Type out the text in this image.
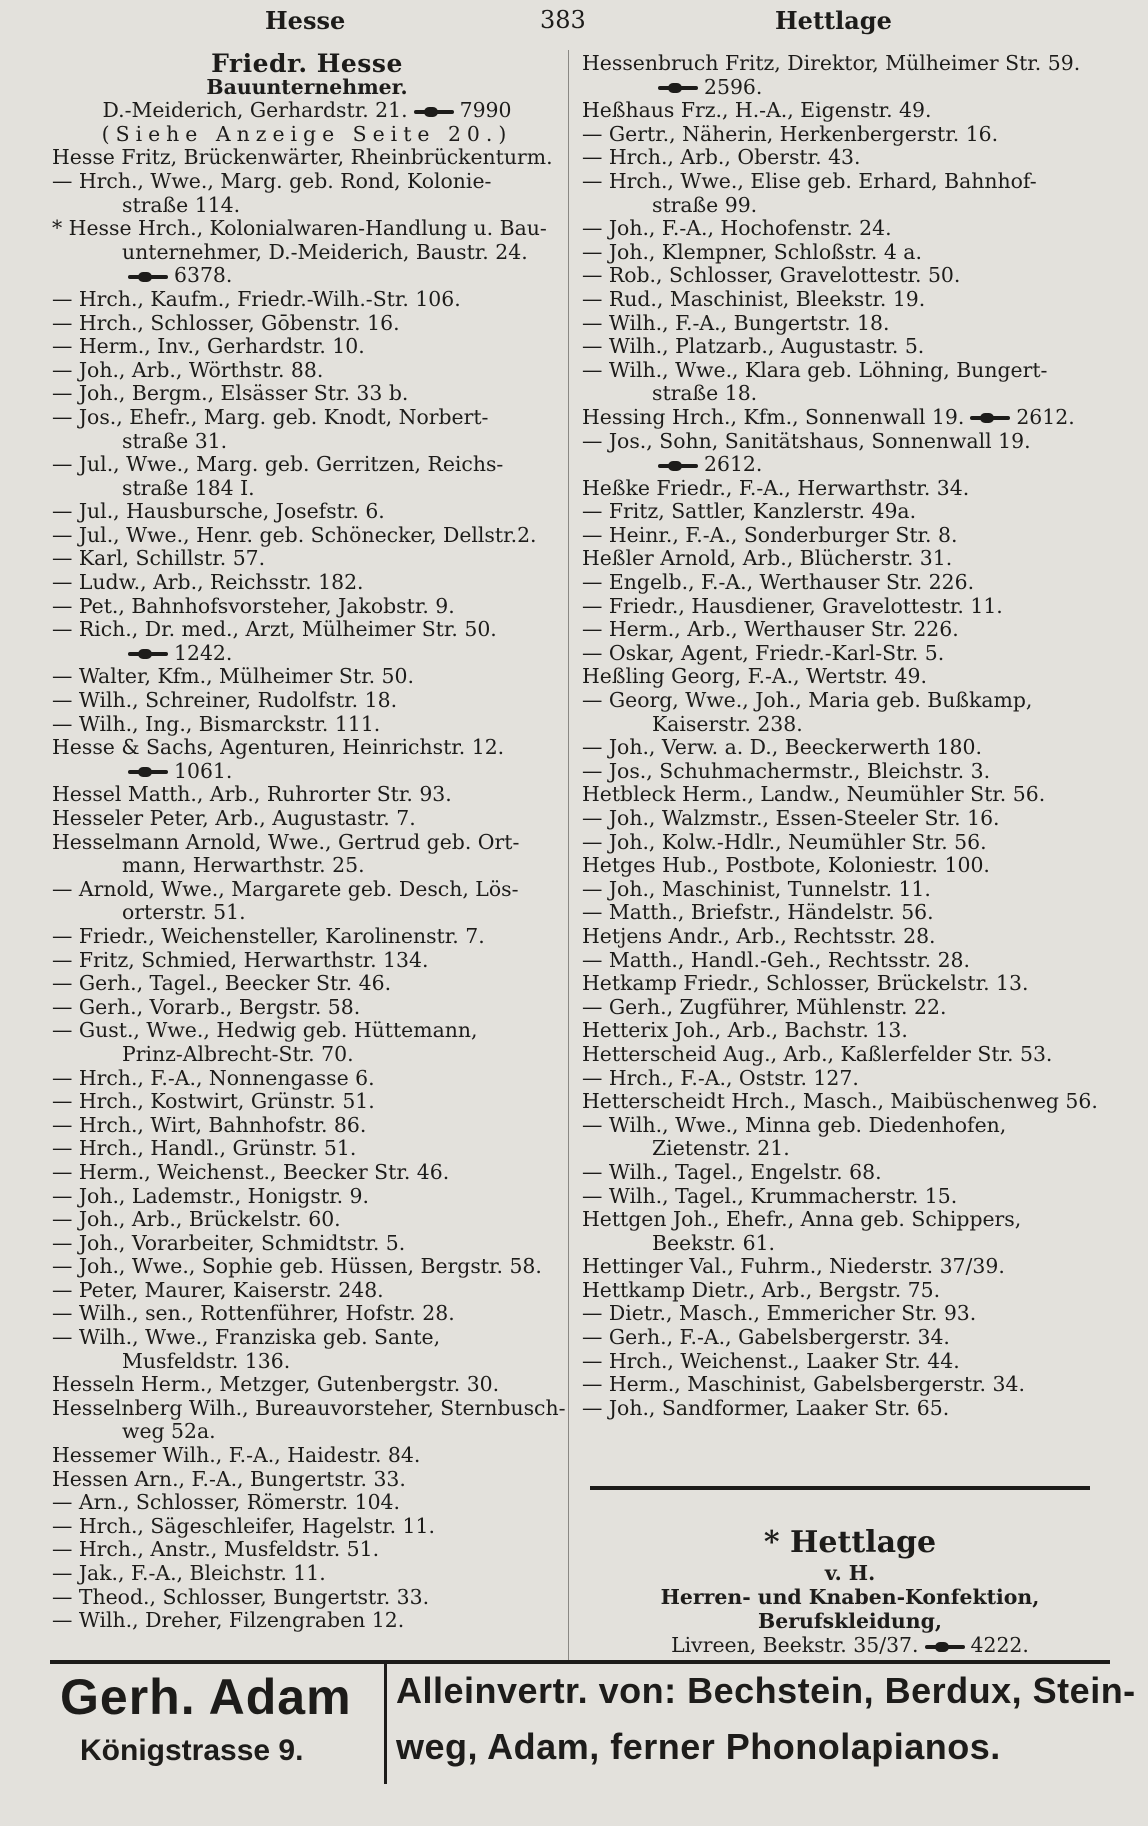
Hesse	383	Hettlage
Friedr. Hesse
Bauunternehmer.
D.-Meiderich, Gerhardstr. 21.	7990
(Siehe Anzeige Seite 20.)
Hesse Fritz, Brückenwärter, Rheinbrückenturm.
— Hrch., Wwe., Marg. geb. Rond, Kolonie-
straße 114.
* Hesse Hrch., Kolonialwaren-Handlung u. Bau-
unternehmer, D.-Meiderich, Baustr. 24.
6378.
— Hrch., Kaufm., Friedr.-Wilh.-Str. 106.
— Hrch., Schlosser, Gōbenstr. 16.
— Herm., Inv., Gerhardstr. 10.
— Joh., Arb., Wörthstr. 88.
— Joh., Bergm., Elsässer Str. 33 b.
— Jos., Ehefr., Marg. geb. Knodt, Norbert-
straße 31.
— Jul., Wwe., Marg. geb. Gerritzen, Reichs-
straße 184 I.
— Jul., Hausbursche, Josefstr. 6.
— Jul., Wwe., Henr. geb. Schönecker, Dellstr.2.
— Karl, Schillstr. 57.
— Ludw., Arb., Reichsstr. 182.
— Pet., Bahnhofsvorsteher, Jakobstr. 9.
— Rich., Dr. med., Arzt, Mülheimer Str. 50.
1242.
— Walter, Kfm., Mülheimer Str. 50.
— Wilh., Schreiner, Rudolfstr. 18.
— Wilh., Ing., Bismarckstr. 111.
Hesse & Sachs, Agenturen, Heinrichstr. 12.
1061.
Hessel Matth., Arb., Ruhrorter Str. 93.
Hesseler Peter, Arb., Augustastr. 7.
Hesselmann Arnold, Wwe., Gertrud geb. Ort-
mann, Herwarthstr. 25.
— Arnold, Wwe., Margarete geb. Desch, Lös-
orterstr. 51.
— Friedr., Weichensteller, Karolinenstr. 7.
— Fritz, Schmied, Herwarthstr. 134.
— Gerh., Tagel., Beecker Str. 46.
— Gerh., Vorarb., Bergstr. 58.
— Gust., Wwe., Hedwig geb. Hüttemann,
Prinz-Albrecht-Str. 70.
— Hrch., F.-A., Nonnengasse 6.
— Hrch., Kostwirt, Grünstr. 51.
— Hrch., Wirt, Bahnhofstr. 86.
— Hrch., Handl., Grünstr. 51.
— Herm., Weichenst., Beecker Str. 46.
— Joh., Lademstr., Honigstr. 9.
— Joh., Arb., Brückelstr. 60.
— Joh., Vorarbeiter, Schmidtstr. 5.
— Joh., Wwe., Sophie geb. Hüssen, Bergstr. 58.
— Peter, Maurer, Kaiserstr. 248.
— Wilh., sen., Rottenführer, Hofstr. 28.
— Wilh., Wwe., Franziska geb. Sante,
Musfeldstr. 136.
Hesseln Herm., Metzger, Gutenbergstr. 30.
Hesselnberg Wilh., Bureauvorsteher, Sternbusch-
weg 52a.
Hessemer Wilh., F.-A., Haidestr. 84.
Hessen Arn., F.-A., Bungertstr. 33.
— Arn., Schlosser, Römerstr. 104.
— Hrch., Sägeschleifer, Hagelstr. 11.
— Hrch., Anstr., Musfeldstr. 51.
— Jak., F.-A., Bleichstr. 11.
— Theod., Schlosser, Bungertstr. 33.
— Wilh., Dreher, Filzengraben 12.
Hessenbruch Fritz, Direktor, Mülheimer Str. 59.
2596.
Heßhaus Frz., H.-A., Eigenstr. 49.
— Gertr., Näherin, Herkenbergerstr. 16.
— Hrch., Arb., Oberstr. 43.
— Hrch., Wwe., Elise geb. Erhard, Bahnhof-
straße 99.
— Joh., F.-A., Hochofenstr. 24.
— Joh., Klempner, Schloßstr. 4 a.
— Rob., Schlosser, Gravelottestr. 50.
— Rud., Maschinist, Bleekstr. 19.
— Wilh., F.-A., Bungertstr. 18.
— Wilh., Platzarb., Augustastr. 5.
— Wilh., Wwe., Klara geb. Löhning, Bungert-
straße 18.
Hessing Hrch., Kfm., Sonnenwall 19.	2612.
— Jos., Sohn, Sanitätshaus, Sonnenwall 19.
2612.
Heßke Friedr., F.-A., Herwarthstr. 34.
— Fritz, Sattler, Kanzlerstr. 49a.
— Heinr., F.-A., Sonderburger Str. 8.
Heßler Arnold, Arb., Blücherstr. 31.
— Engelb., F.-A., Werthauser Str. 226.
— Friedr., Hausdiener, Gravelottestr. 11.
— Herm., Arb., Werthauser Str. 226.
— Oskar, Agent, Friedr.-Karl-Str. 5.
Heßling Georg, F.-A., Wertstr. 49.
— Georg, Wwe., Joh., Maria geb. Bußkamp,
Kaiserstr. 238.
— Joh., Verw. a. D., Beeckerwerth 180.
— Jos., Schuhmachermstr., Bleichstr. 3.
Hetbleck Herm., Landw., Neumühler Str. 56.
— Joh., Walzmstr., Essen-Steeler Str. 16.
— Joh., Kolw.-Hdlr., Neumühler Str. 56.
Hetges Hub., Postbote, Koloniestr. 100.
— Joh., Maschinist, Tunnelstr. 11.
— Matth., Briefstr., Händelstr. 56.
Hetjens Andr., Arb., Rechtsstr. 28.
— Matth., Handl.-Geh., Rechtsstr. 28.
Hetkamp Friedr., Schlosser, Brückelstr. 13.
— Gerh., Zugführer, Mühlenstr. 22.
Hetterix Joh., Arb., Bachstr. 13.
Hetterscheid Aug., Arb., Kaßlerfelder Str. 53.
— Hrch., F.-A., Oststr. 127.
Hetterscheidt Hrch., Masch., Maibüschenweg 56.
— Wilh., Wwe., Minna geb. Diedenhofen,
Zietenstr. 21.
— Wilh., Tagel., Engelstr. 68.
— Wilh., Tagel., Krummacherstr. 15.
Hettgen Joh., Ehefr., Anna geb. Schippers,
Beekstr. 61.
Hettinger Val., Fuhrm., Niederstr. 37/39.
Hettkamp Dietr., Arb., Bergstr. 75.
— Dietr., Masch., Emmericher Str. 93.
— Gerh., F.-A., Gabelsbergerstr. 34.
— Hrch., Weichenst., Laaker Str. 44.
— Herm., Maschinist, Gabelsbergerstr. 34.
— Joh., Sandformer, Laaker Str. 65.
* Hettlage
v. H.
Herren- und Knaben-Konfektion, Berufskleidung,
Livreen, Beekstr. 35/37.	4222.
Gerh. Adam
Königstrasse 9.
Alleinvertr. von: Bechstein, Berdux, Stein-
weg, Adam, ferner Phonolapianos.
